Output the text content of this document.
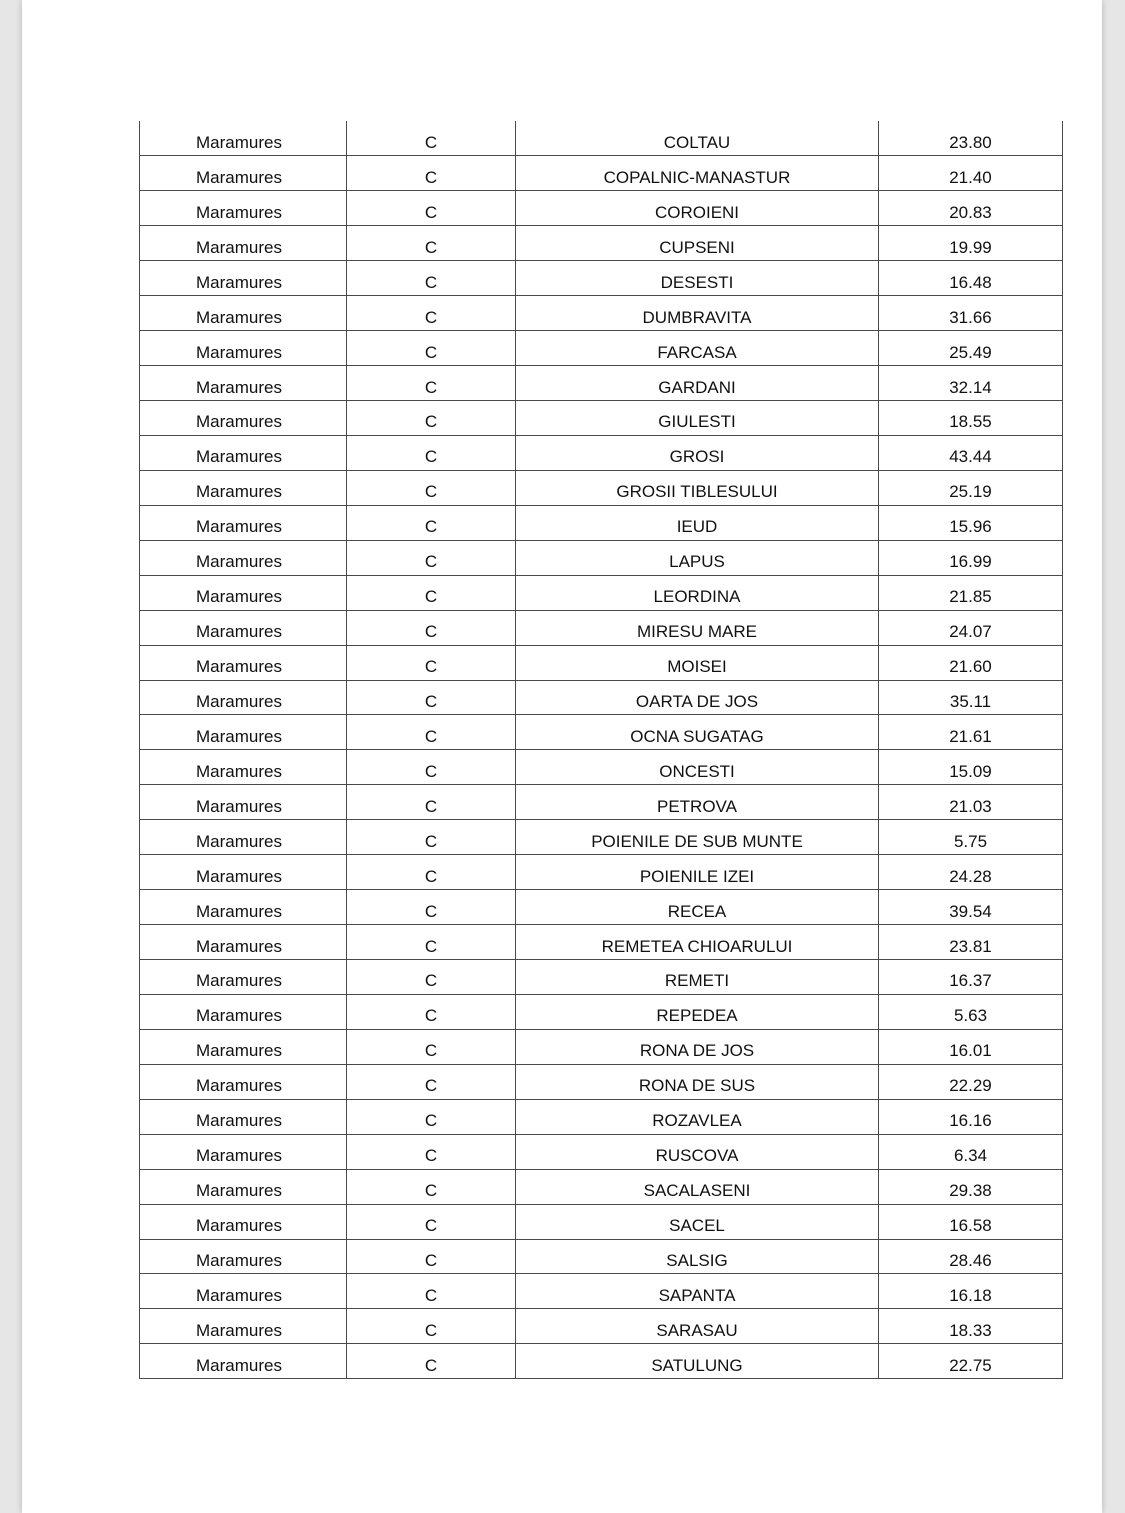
Maramures	C	COLTAU	23.80
Maramures	C	COPALNIC-MANASTUR	21.40
Maramures	C	COROIENI	20.83
Maramures	C	CUPSENI	19.99
Maramures	C	DESESTI	16.48
Maramures	C	DUMBRAVITA	31.66
Maramures	C	FARCASA	25.49
Maramures	C	GARDANI	32.14
Maramures	C	GIULESTI	18.55
Maramures	C	GROSI	43.44
Maramures	C	GROSII TIBLESULUI	25.19
Maramures	C	IEUD	15.96
Maramures	C	LAPUS	16.99
Maramures	C	LEORDINA	21.85
Maramures	C	MIRESU MARE	24.07
Maramures	C	MOISEI	21.60
Maramures	C	OARTA DE JOS	35.11
Maramures	C	OCNA SUGATAG	21.61
Maramures	C	ONCESTI	15.09
Maramures	C	PETROVA	21.03
Maramures	C	POIENILE DE SUB MUNTE	5.75
Maramures	C	POIENILE IZEI	24.28
Maramures	C	RECEA	39.54
Maramures	C	REMETEA CHIOARULUI	23.81
Maramures	C	REMETI	16.37
Maramures	C	REPEDEA	5.63
Maramures	C	RONA DE JOS	16.01
Maramures	C	RONA DE SUS	22.29
Maramures	C	ROZAVLEA	16.16
Maramures	C	RUSCOVA	6.34
Maramures	C	SACALASENI	29.38
Maramures	C	SACEL	16.58
Maramures	C	SALSIG	28.46
Maramures	C	SAPANTA	16.18
Maramures	C	SARASAU	18.33
Maramures	C	SATULUNG	22.75
